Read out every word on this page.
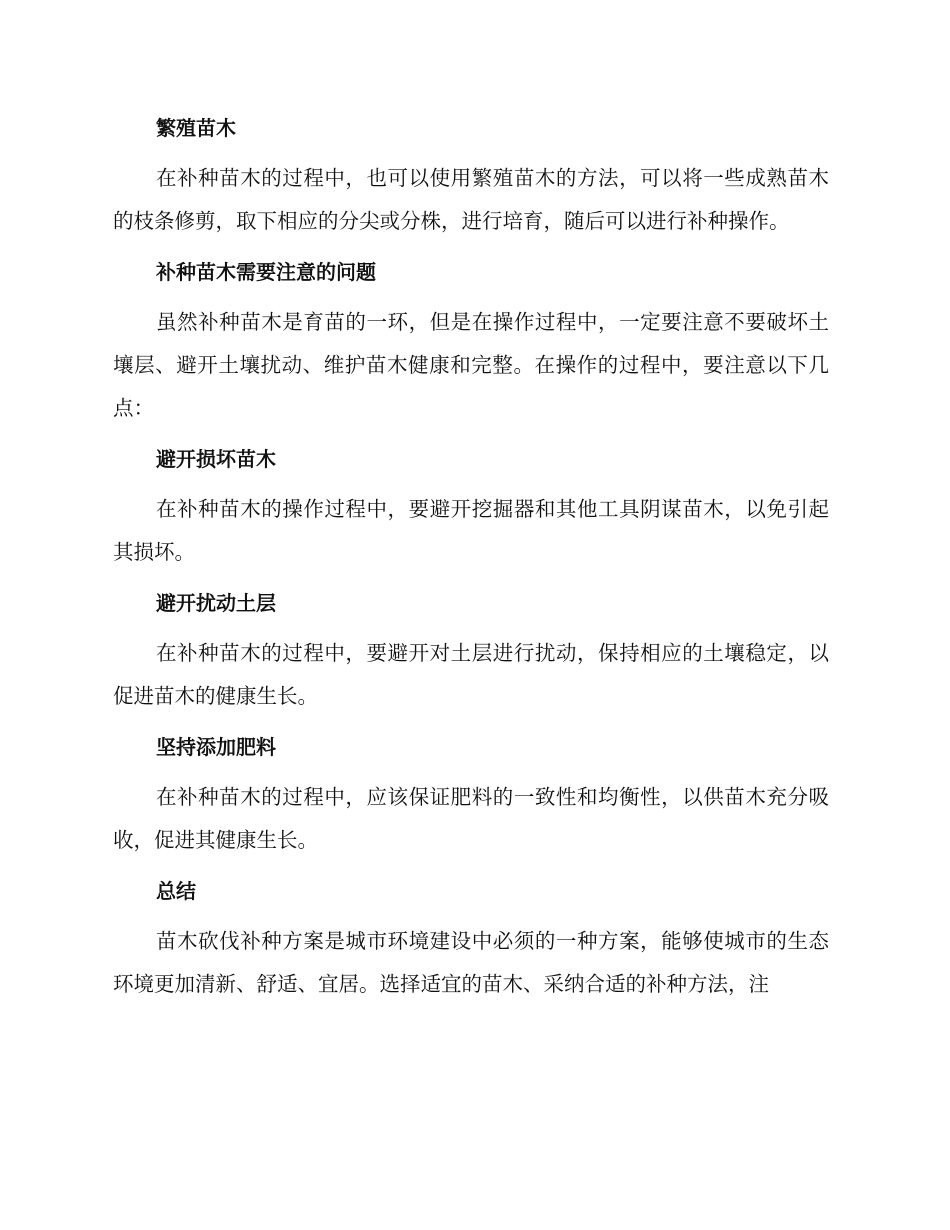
繁殖苗木

在补种苗木的过程中，也可以使用繁殖苗木的方法，可以将一些成熟苗木的枝条修剪，取下相应的分尖或分株，进行培育，随后可以进行补种操作。

补种苗木需要注意的问题

虽然补种苗木是育苗的一环，但是在操作过程中，一定要注意不要破坏土壤层、避开土壤扰动、维护苗木健康和完整。在操作的过程中，要注意以下几点：

避开损坏苗木

在补种苗木的操作过程中，要避开挖掘器和其他工具阴谋苗木，以免引起其损坏。

避开扰动土层

在补种苗木的过程中，要避开对土层进行扰动，保持相应的土壤稳定，以促进苗木的健康生长。

坚持添加肥料

在补种苗木的过程中，应该保证肥料的一致性和均衡性，以供苗木充分吸收，促进其健康生长。

总结

苗木砍伐补种方案是城市环境建设中必须的一种方案，能够使城市的生态环境更加清新、舒适、宜居。选择适宜的苗木、采纳合适的补种方法，注
